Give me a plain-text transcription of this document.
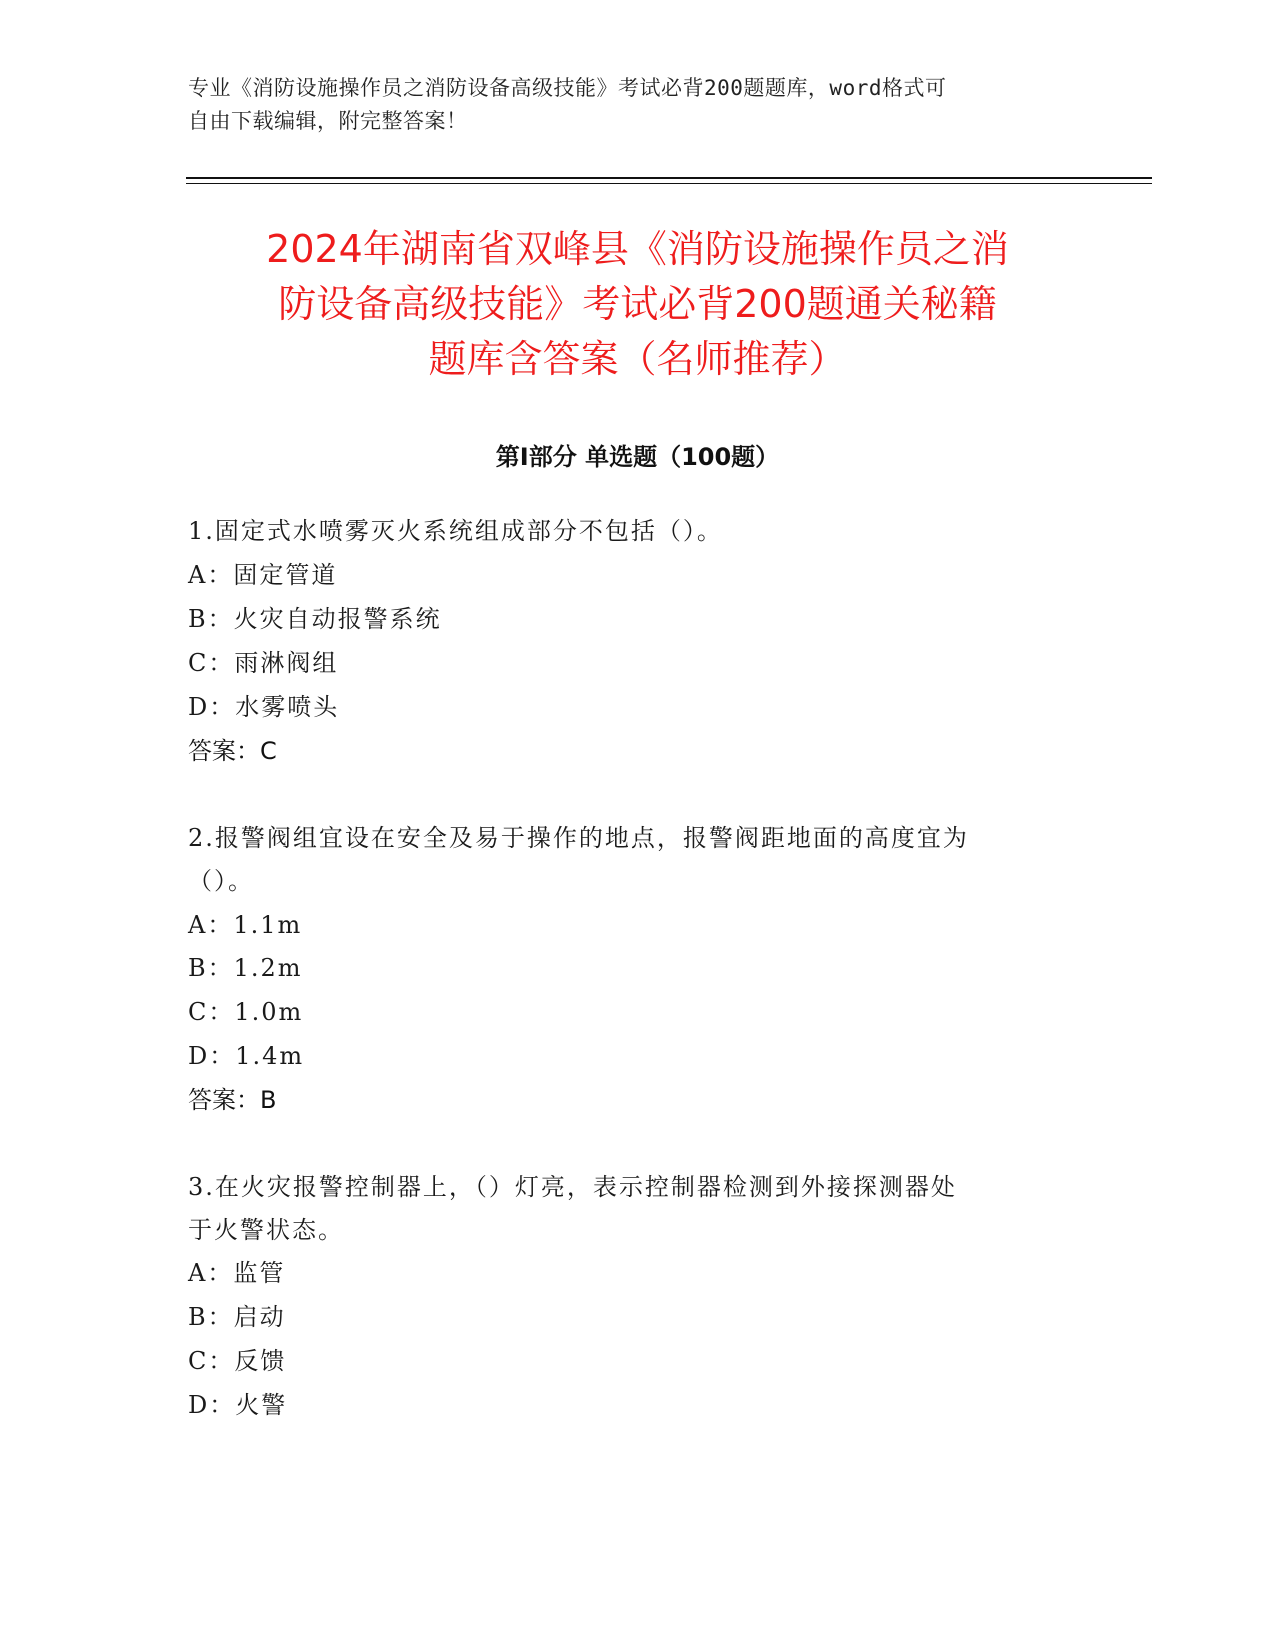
专业《消防设施操作员之消防设备高级技能》考试必背200题题库，word格式可
自由下载编辑，附完整答案！
2024年湖南省双峰县《消防设施操作员之消
防设备高级技能》考试必背200题通关秘籍
题库含答案（名师推荐）
第Ⅰ部分 单选题（100题）
1.固定式水喷雾灭火系统组成部分不包括（）。
A：固定管道
B：火灾自动报警系统
C：雨淋阀组
D：水雾喷头
答案：C
2.报警阀组宜设在安全及易于操作的地点，报警阀距地面的高度宜为
（）。
A：1.1m
B：1.2m
C：1.0m
D：1.4m
答案：B
3.在火灾报警控制器上，（）灯亮，表示控制器检测到外接探测器处
于火警状态。
A：监管
B：启动
C：反馈
D：火警
